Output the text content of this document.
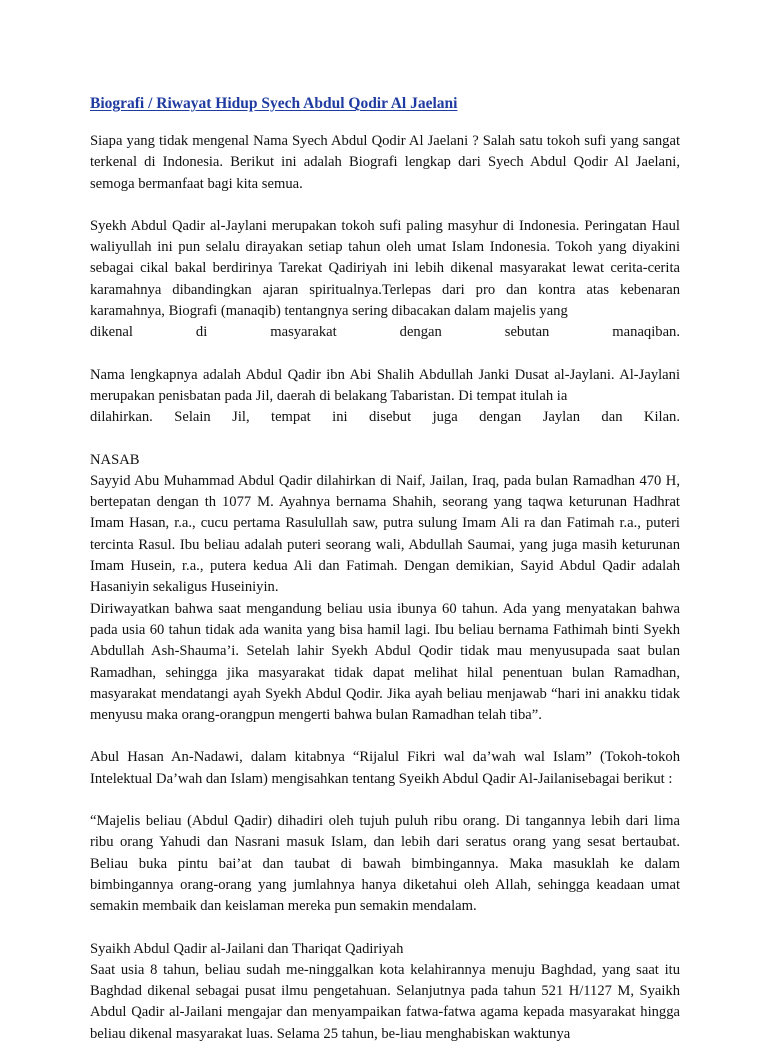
Biografi / Riwayat Hidup Syech Abdul Qodir Al Jaelani

Siapa yang tidak mengenal Nama Syech Abdul Qodir Al Jaelani ? Salah satu tokoh sufi yang sangat terkenal di Indonesia. Berikut ini adalah Biografi lengkap dari Syech Abdul Qodir Al Jaelani, semoga bermanfaat bagi kita semua.

Syekh Abdul Qadir al-Jaylani merupakan tokoh sufi paling masyhur di Indonesia. Peringatan Haul waliyullah ini pun selalu dirayakan setiap tahun oleh umat Islam Indonesia. Tokoh yang diyakini sebagai cikal bakal berdirinya Tarekat Qadiriyah ini lebih dikenal masyarakat lewat cerita-cerita karamahnya dibandingkan ajaran spiritualnya.Terlepas dari pro dan kontra atas kebenaran karamahnya, Biografi (manaqib) tentangnya sering dibacakan dalam majelis yang

dikenal di masyarakat dengan sebutan manaqiban.

Nama lengkapnya adalah Abdul Qadir ibn Abi Shalih Abdullah Janki Dusat al-Jaylani. Al-Jaylani merupakan penisbatan pada Jil, daerah di belakang Tabaristan. Di tempat itulah ia

dilahirkan. Selain Jil, tempat ini disebut juga dengan Jaylan dan Kilan.

NASAB

Sayyid Abu Muhammad Abdul Qadir dilahirkan di Naif, Jailan, Iraq, pada bulan Ramadhan 470 H, bertepatan dengan th 1077 M. Ayahnya bernama Shahih, seorang yang taqwa keturunan Hadhrat Imam Hasan, r.a., cucu pertama Rasulullah saw, putra sulung Imam Ali ra dan Fatimah r.a., puteri tercinta Rasul. Ibu beliau adalah puteri seorang wali, Abdullah Saumai, yang juga masih keturunan Imam Husein, r.a., putera kedua Ali dan Fatimah. Dengan demikian, Sayid Abdul Qadir adalah Hasaniyin sekaligus Huseiniyin.

Diriwayatkan bahwa saat mengandung beliau usia ibunya 60 tahun. Ada yang menyatakan bahwa pada usia 60 tahun tidak ada wanita yang bisa hamil lagi. Ibu beliau bernama Fathimah binti Syekh Abdullah Ash-Shauma’i. Setelah lahir Syekh Abdul Qodir tidak mau menyusupada saat bulan Ramadhan, sehingga jika masyarakat tidak dapat melihat hilal penentuan bulan Ramadhan, masyarakat mendatangi ayah Syekh Abdul Qodir. Jika ayah beliau menjawab “hari ini anakku tidak menyusu maka orang-orangpun mengerti bahwa bulan Ramadhan telah tiba”.

Abul Hasan An-Nadawi, dalam kitabnya “Rijalul Fikri wal da’wah wal Islam” (Tokoh-tokoh Intelektual Da’wah dan Islam) mengisahkan tentang Syeikh Abdul Qadir Al-Jailanisebagai berikut :

“Majelis beliau (Abdul Qadir) dihadiri oleh tujuh puluh ribu orang. Di tangannya lebih dari lima ribu orang Yahudi dan Nasrani masuk Islam, dan lebih dari seratus orang yang sesat bertaubat. Beliau buka pintu bai’at dan taubat di bawah bimbingannya. Maka masuklah ke dalam bimbingannya orang-orang yang jumlahnya hanya diketahui oleh Allah, sehingga keadaan umat semakin membaik dan keislaman mereka pun semakin mendalam.

Syaikh Abdul Qadir al-Jailani dan Thariqat Qadiriyah

Saat usia 8 tahun, beliau sudah me-ninggalkan kota kelahirannya menuju Baghdad, yang saat itu Baghdad dikenal sebagai pusat ilmu pengetahuan. Selanjutnya pada tahun 521 H/1127 M, Syaikh Abdul Qadir al-Jailani mengajar dan menyampaikan fatwa-fatwa agama kepada masyarakat hingga beliau dikenal masyarakat luas. Selama 25 tahun, be-liau menghabiskan waktunya
